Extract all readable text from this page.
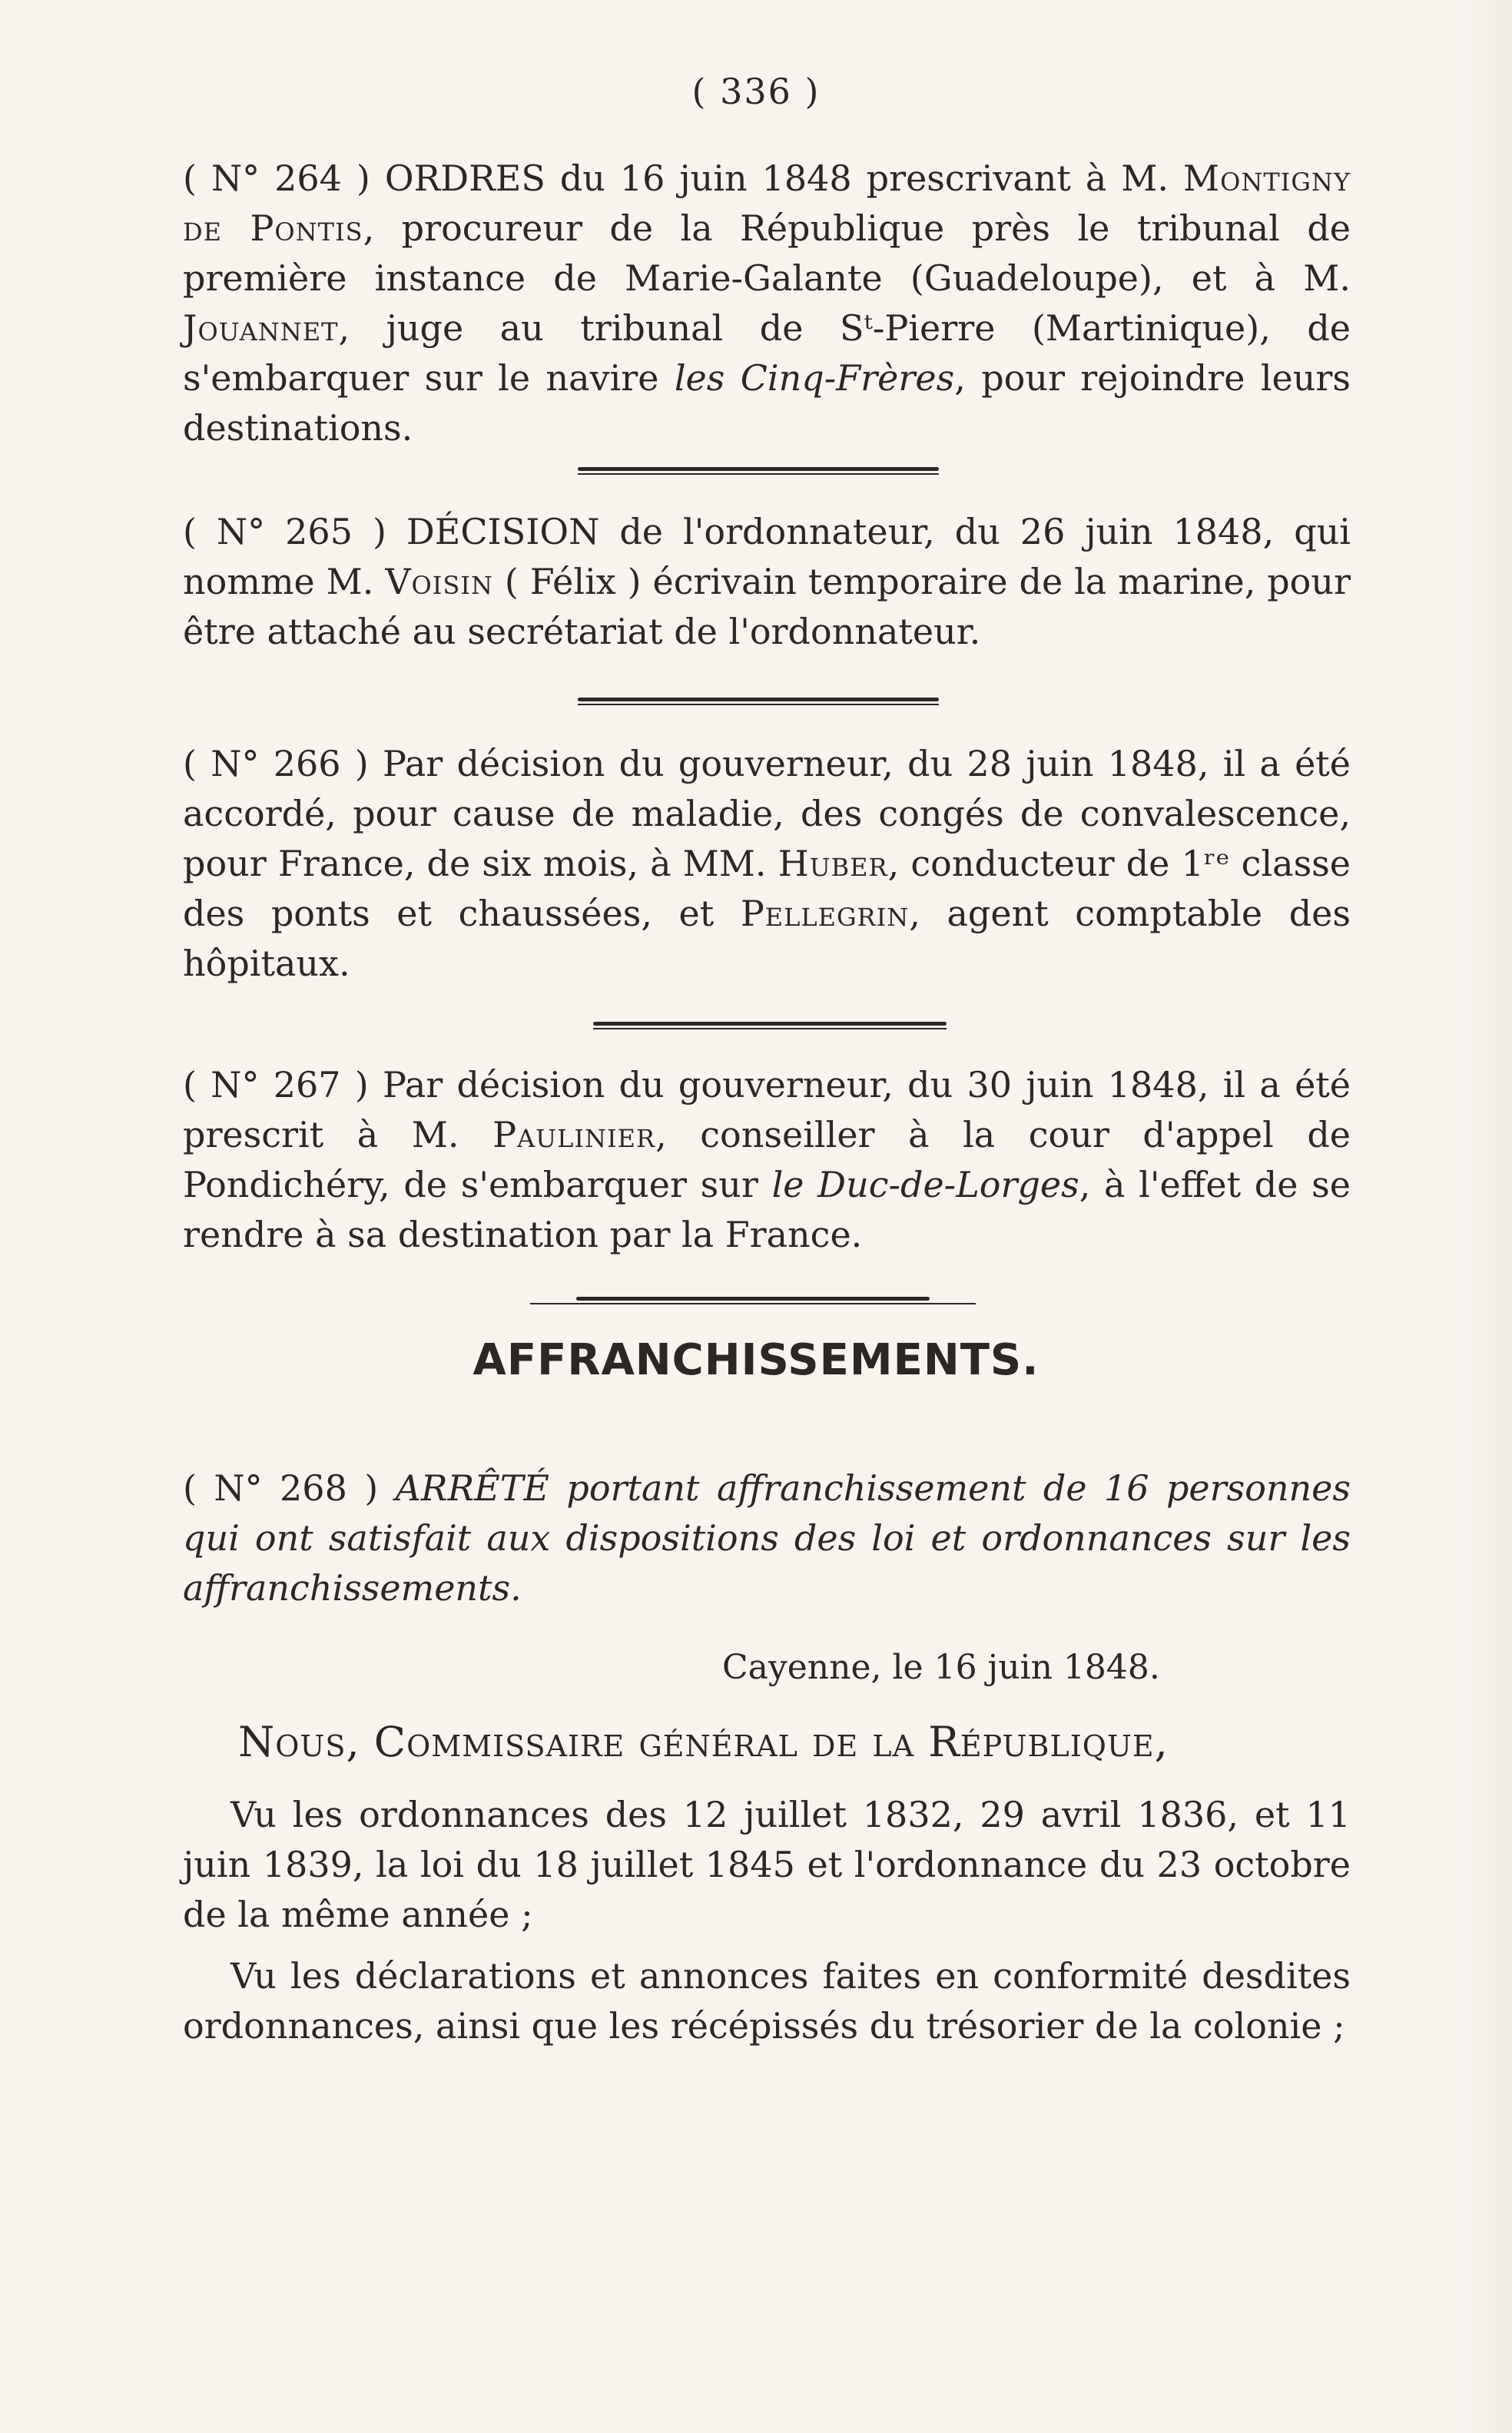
( 336 )
( N° 264 ) ORDRES du 16 juin 1848 prescrivant à M. Montigny de Pontis, procureur de la République près le tribunal de première instance de Marie-Galante (Guadeloupe), et à M. Jouannet, juge au tribunal de Sᵗ-Pierre (Martinique), de s'embarquer sur le navire les Cinq-Frères, pour rejoindre leurs destinations.
( N° 265 ) DÉCISION de l'ordonnateur, du 26 juin 1848, qui nomme M. Voisin ( Félix ) écrivain temporaire de la marine, pour être attaché au secrétariat de l'ordonnateur.
( N° 266 ) Par décision du gouverneur, du 28 juin 1848, il a été accordé, pour cause de maladie, des congés de convalescence, pour France, de six mois, à MM. Huber, conducteur de 1ʳᵉ classe des ponts et chaussées, et Pellegrin, agent comptable des hôpitaux.
( N° 267 ) Par décision du gouverneur, du 30 juin 1848, il a été prescrit à M. Paulinier, conseiller à la cour d'appel de Pondichéry, de s'embarquer sur le Duc-de-Lorges, à l'effet de se rendre à sa destination par la France.
AFFRANCHISSEMENTS.
( N° 268 ) ARRÊTÉ portant affranchissement de 16 personnes qui ont satisfait aux dispositions des loi et ordonnances sur les affranchissements.
Cayenne, le 16 juin 1848.
Nous, Commissaire général de la République,
Vu les ordonnances des 12 juillet 1832, 29 avril 1836, et 11 juin 1839, la loi du 18 juillet 1845 et l'ordonnance du 23 octobre de la même année ;
Vu les déclarations et annonces faites en conformité desdites ordonnances, ainsi que les récépissés du trésorier de la colonie ;
